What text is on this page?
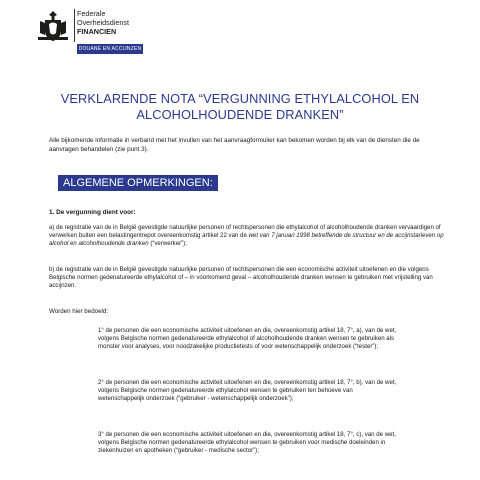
Federale
Overheidsdienst
FINANCIEN
DOUANE EN ACCIJNZEN
VERKLARENDE NOTA “VERGUNNING ETHYLALCOHOL EN ALCOHOLHOUDENDE DRANKEN”
Alle bijkomende informatie in verband met het invullen van het aanvraagformulier kan bekomen worden bij elk van de diensten die de aanvragen behandelen (zie punt 3).
ALGEMENE OPMERKINGEN:
1. De vergunning dient voor:
a) de registratie van de in België gevestigde natuurlijke personen of rechtspersonen die ethylalcohol of alcoholhoudende dranken vervaardigen of verwerken buiten een belastingentrepot overeenkomstig artikel 22 van de wet van 7 januari 1998 betreffende de structuur en de accijnstarieven op alcohol en alcoholhoudende dranken (“verwerker”);
b) de registratie van de in België gevestigde natuurlijke personen of rechtspersonen die een economische activiteit uitoefenen en die volgens Belgische normen gedenatureerde ethylalcohol of – in voorkomend geval – alcoholhoudende dranken wensen te gebruiken met vrijstelling van accijnzen.
Worden hier bedoeld:
1° de personen die een economische activiteit uitoefenen en die, overeenkomstig artikel 18, 7°, a), van de wet, volgens Belgische normen gedenatureerde ethylalcohol of alcoholhoudende dranken wensen te gebruiken als monster voor analyses, voor noodzakelijke productietests of voor wetenschappelijk onderzoek (“tester”);
2° de personen die een economische activiteit uitoefenen en die, overeenkomstig artikel 18, 7°, b), van de wet, volgens Belgische normen gedenatureerde ethylalcohol wensen te gebruiken ten behoeve van wetenschappelijk onderzoek (“gebruiker - wetenschappelijk onderzoek”);
3° de personen die een economische activiteit uitoefenen en die, overeenkomstig artikel 18, 7°, c), van de wet, volgens Belgische normen gedenatureerde ethylalcohol wensen te gebruiken voor medische doeleinden in ziekenhuizen en apotheken (“gebruiker - medische sector”);
